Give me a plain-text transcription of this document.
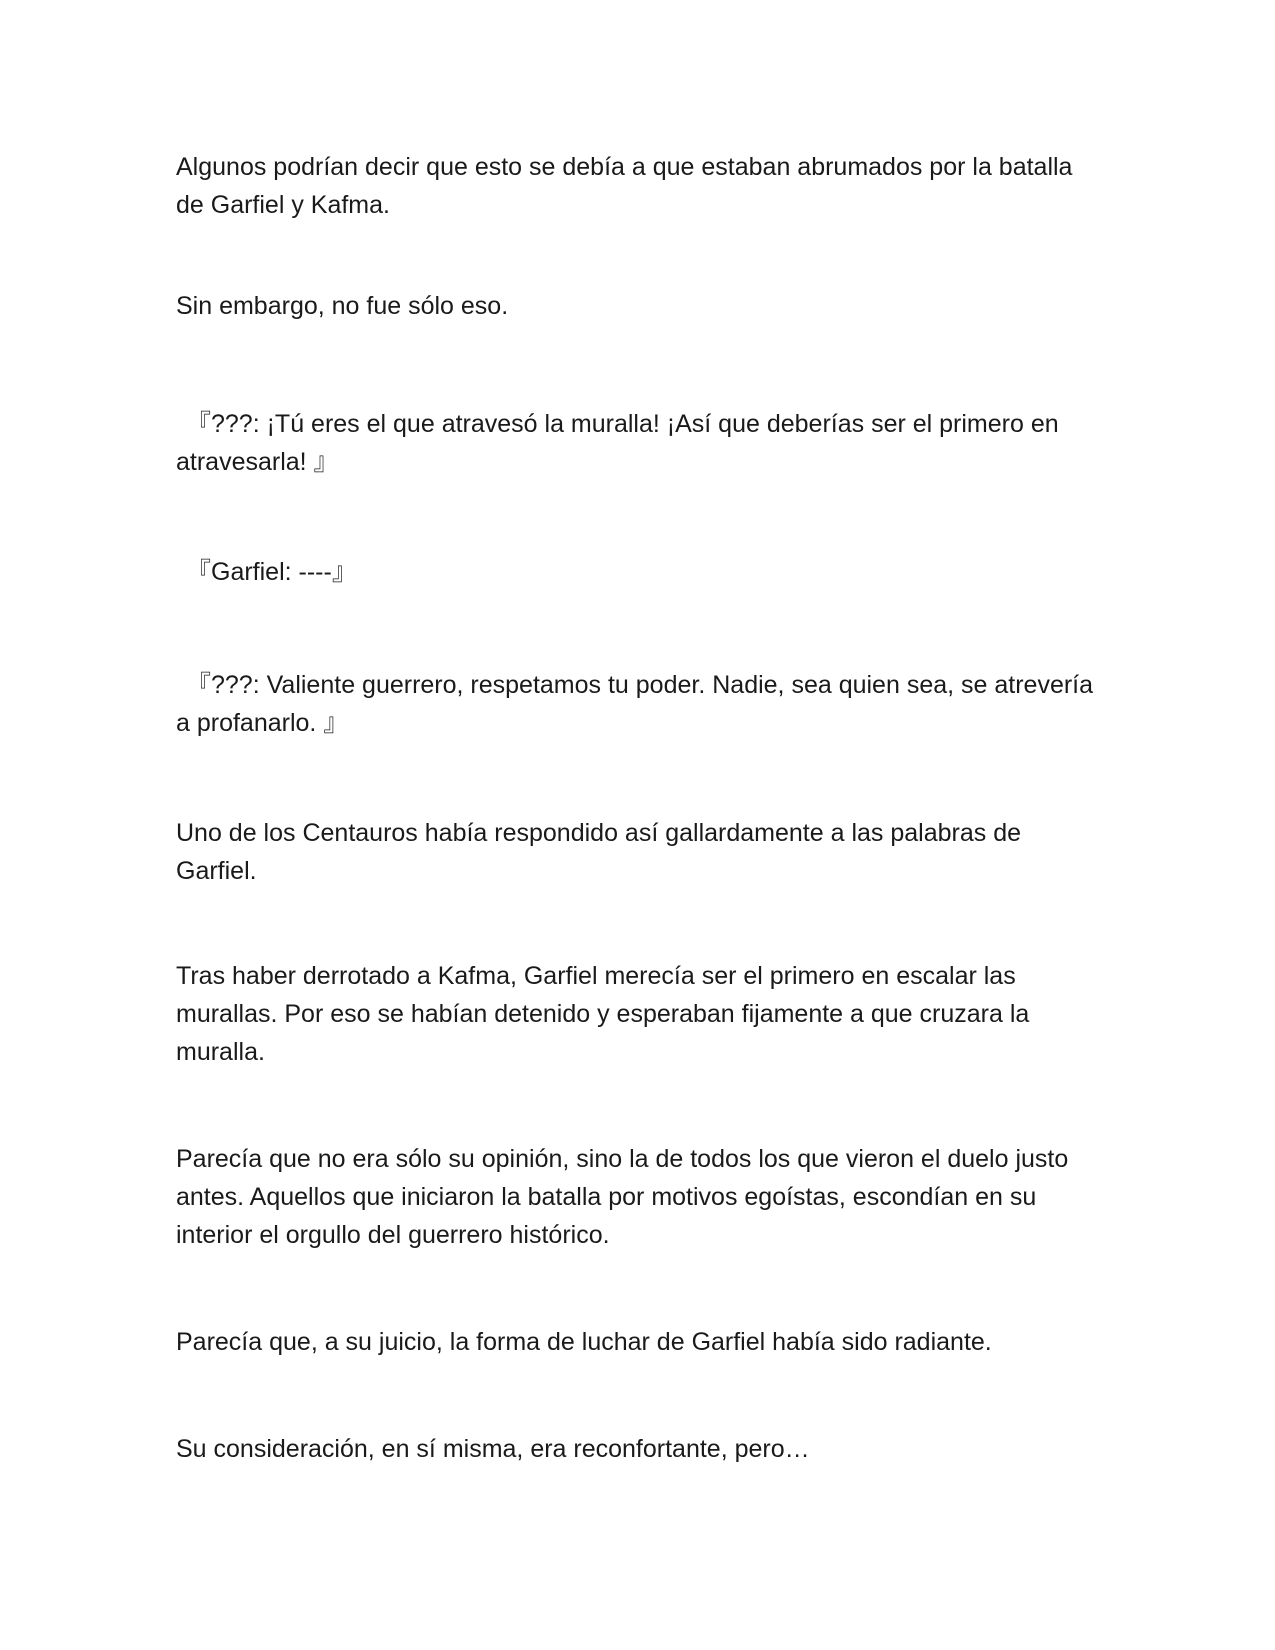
Algunos podrían decir que esto se debía a que estaban abrumados por la batalla de Garfiel y Kafma.

Sin embargo, no fue sólo eso.

『???: ¡Tú eres el que atravesó la muralla! ¡Así que deberías ser el primero en atravesarla! 』

『Garfiel: ----』

『???: Valiente guerrero, respetamos tu poder. Nadie, sea quien sea, se atrevería a profanarlo. 』

Uno de los Centauros había respondido así gallardamente a las palabras de Garfiel.

Tras haber derrotado a Kafma, Garfiel merecía ser el primero en escalar las murallas. Por eso se habían detenido y esperaban fijamente a que cruzara la muralla.

Parecía que no era sólo su opinión, sino la de todos los que vieron el duelo justo antes. Aquellos que iniciaron la batalla por motivos egoístas, escondían en su interior el orgullo del guerrero histórico.

Parecía que, a su juicio, la forma de luchar de Garfiel había sido radiante.

Su consideración, en sí misma, era reconfortante, pero…
